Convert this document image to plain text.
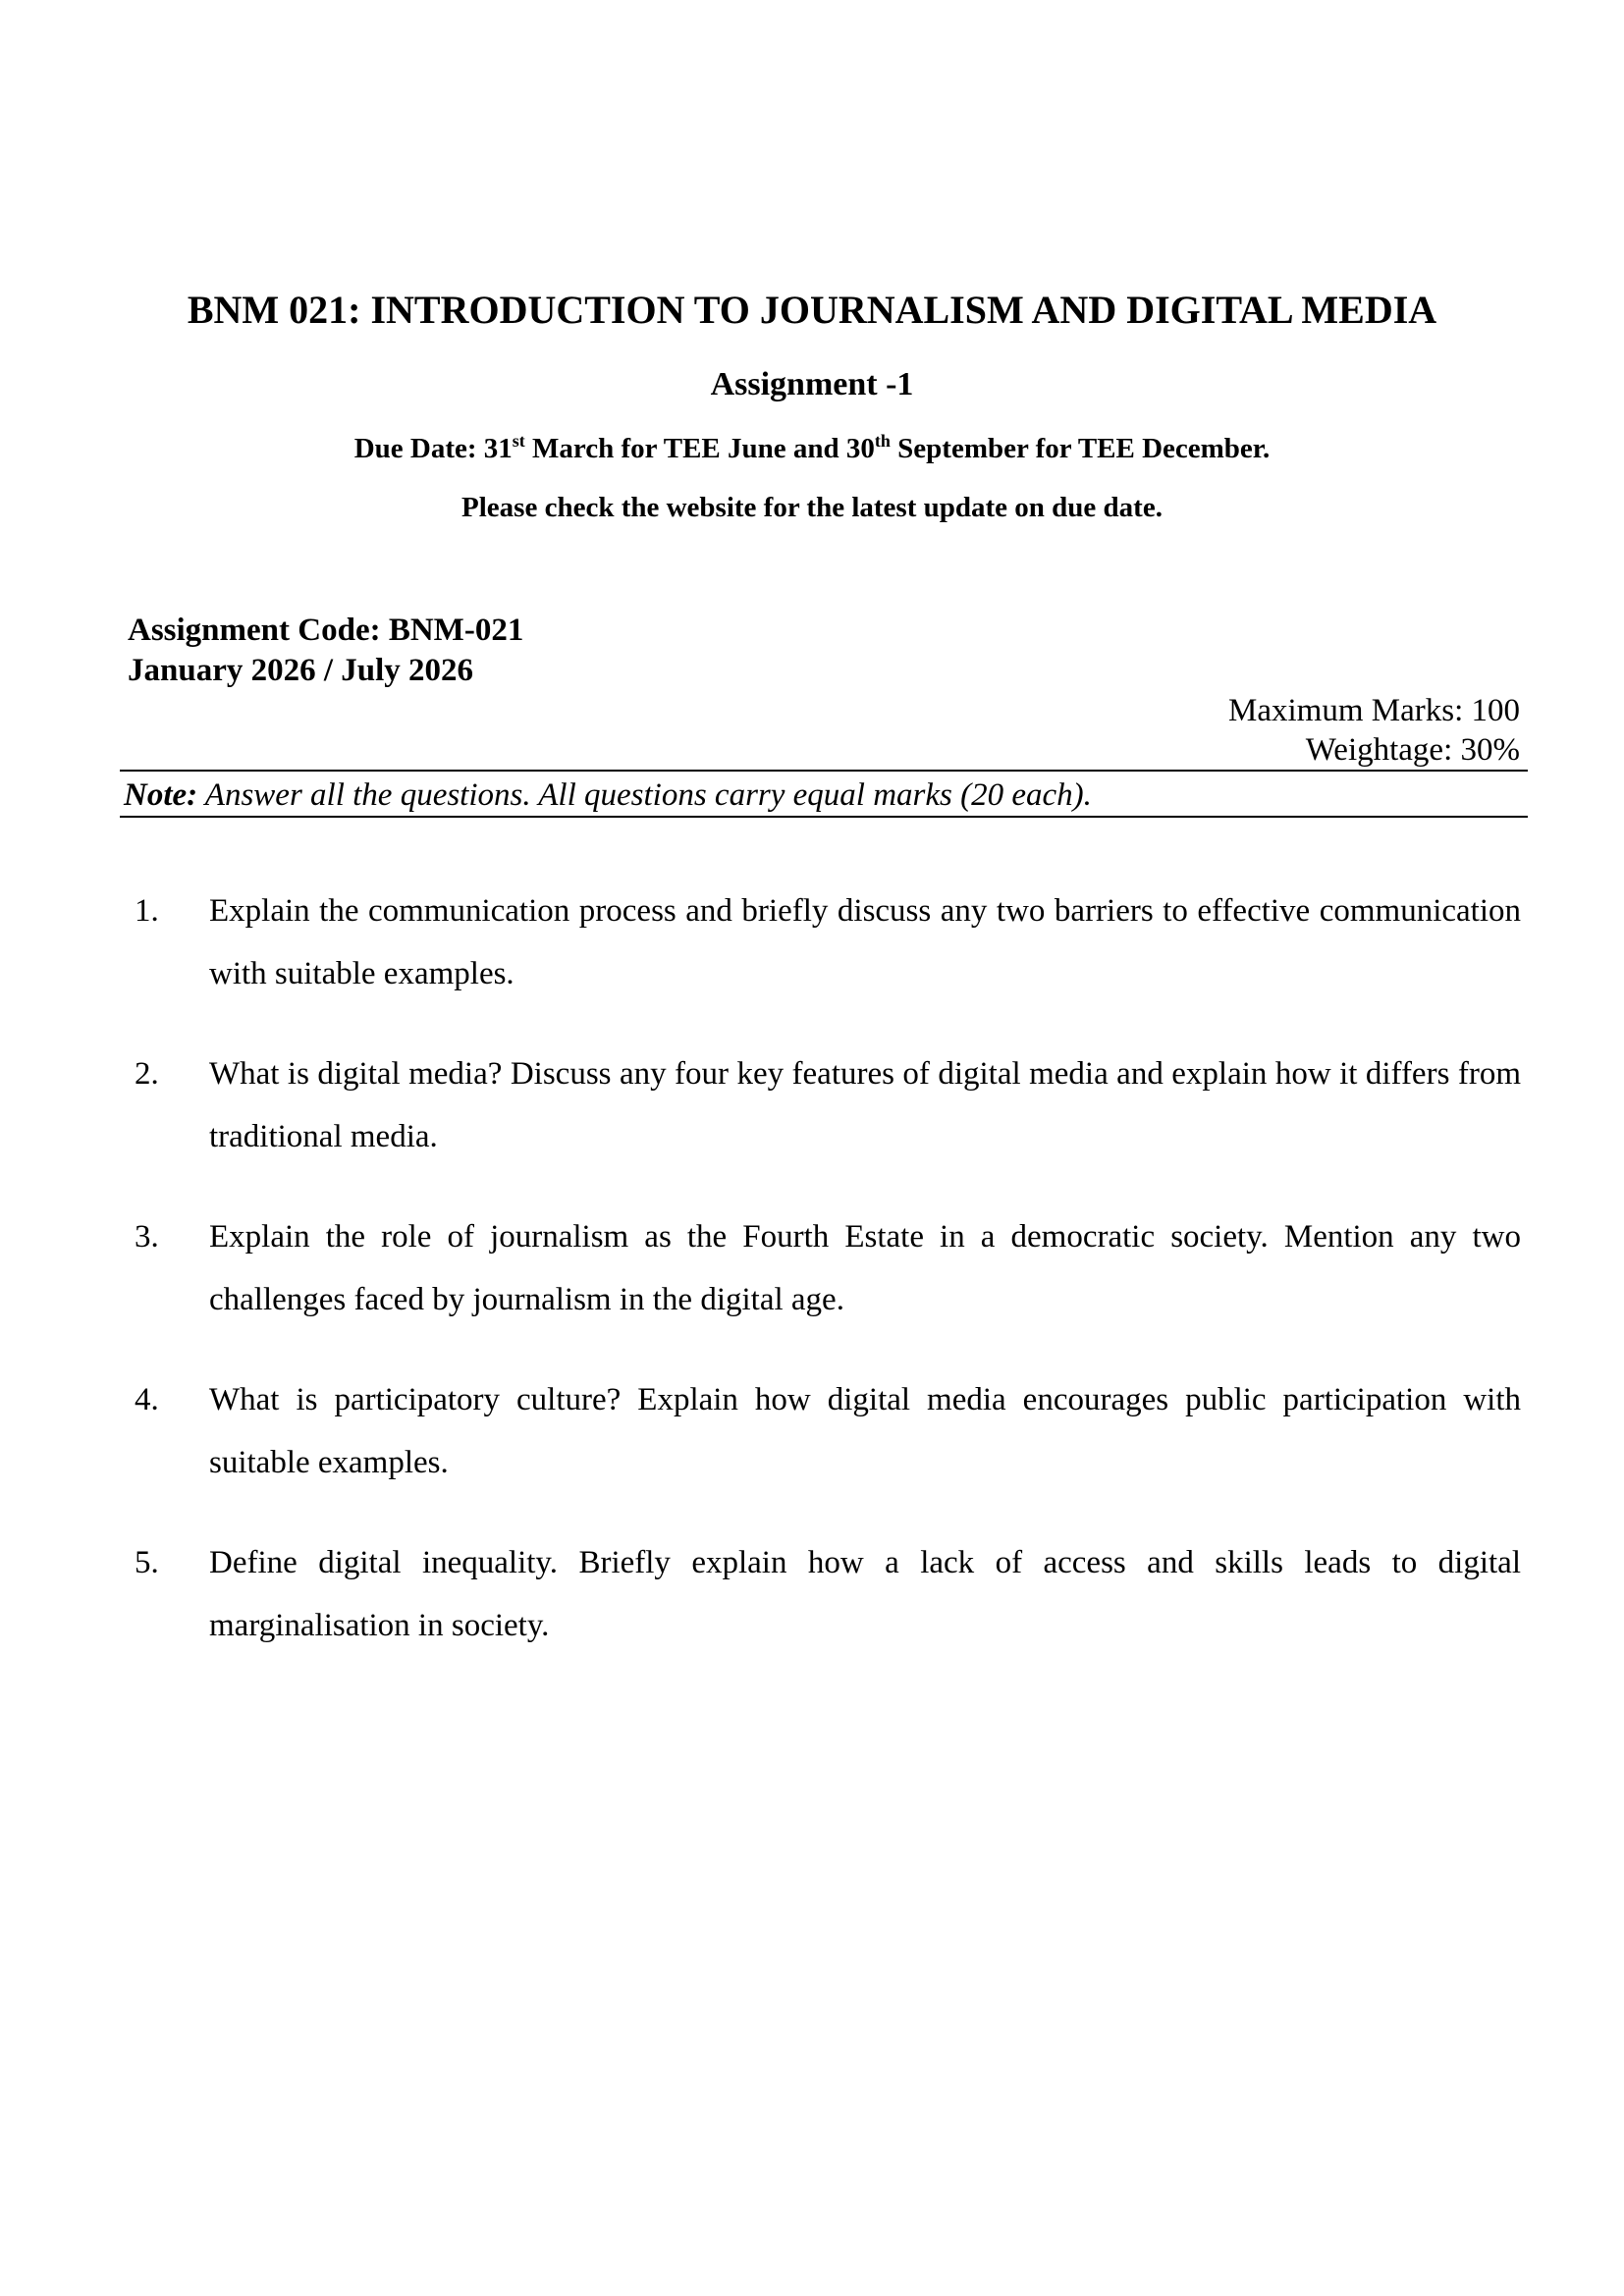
BNM 021: INTRODUCTION TO JOURNALISM AND DIGITAL MEDIA
Assignment -1
Due Date: 31st March for TEE June and 30th September for TEE December.
Please check the website for the latest update on due date.
Assignment Code: BNM-021
January 2026 / July 2026
Maximum Marks: 100
Weightage: 30%
Note: Answer all the questions. All questions carry equal marks (20 each).
1. Explain the communication process and briefly discuss any two barriers to effective communication with suitable examples.
2. What is digital media? Discuss any four key features of digital media and explain how it differs from traditional media.
3. Explain the role of journalism as the Fourth Estate in a democratic society. Mention any two challenges faced by journalism in the digital age.
4. What is participatory culture? Explain how digital media encourages public participation with suitable examples.
5. Define digital inequality. Briefly explain how a lack of access and skills leads to digital marginalisation in society.
